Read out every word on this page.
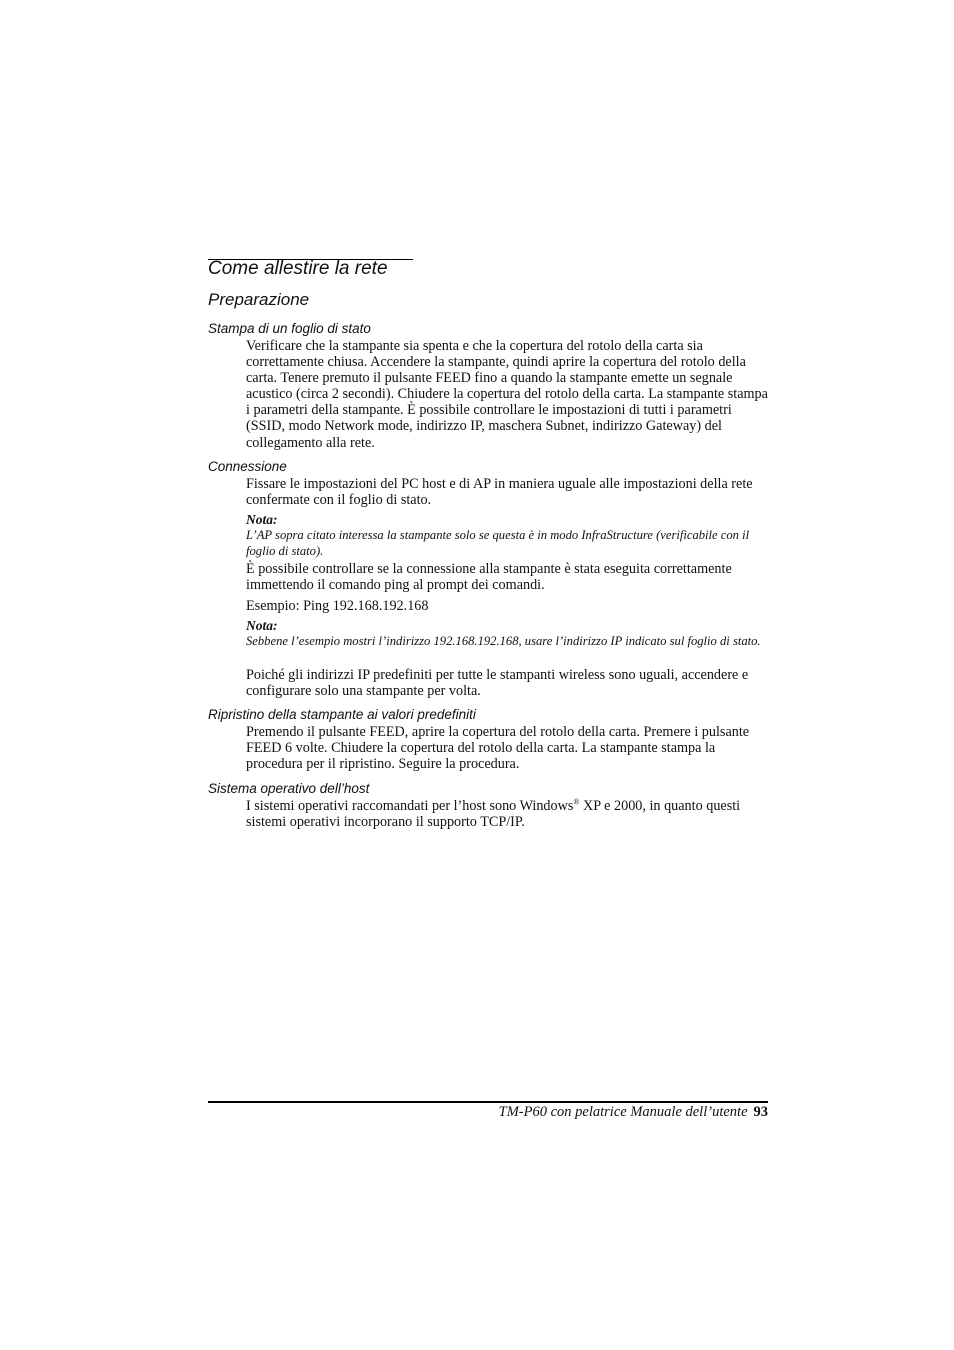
Come allestire la rete
Preparazione
Stampa di un foglio di stato

Verificare che la stampante sia spenta e che la copertura del rotolo della carta sia correttamente chiusa. Accendere la stampante, quindi aprire la copertura del rotolo della carta. Tenere premuto il pulsante FEED fino a quando la stampante emette un segnale acustico (circa 2 secondi). Chiudere la copertura del rotolo della carta. La stampante stampa i parametri della stampante. È possibile controllare le impostazioni di tutti i parametri (SSID, modo Network mode, indirizzo IP, maschera Subnet, indirizzo Gateway) del collegamento alla rete.

Connessione

Fissare le impostazioni del PC host e di AP in maniera uguale alle impostazioni della rete confermate con il foglio di stato.

Nota:

L’AP sopra citato interessa la stampante solo se questa è in modo InfraStructure (verificabile con il foglio di stato).

È possibile controllare se la connessione alla stampante è stata eseguita correttamente immettendo il comando ping al prompt dei comandi.

Esempio: Ping 192.168.192.168

Nota:

Sebbene l’esempio mostri l’indirizzo 192.168.192.168, usare l’indirizzo IP indicato sul foglio di stato.

Poiché gli indirizzi IP predefiniti per tutte le stampanti wireless sono uguali, accendere e configurare solo una stampante per volta.

Ripristino della stampante ai valori predefiniti

Premendo il pulsante FEED, aprire la copertura del rotolo della carta. Premere i pulsante FEED 6 volte. Chiudere la copertura del rotolo della carta. La stampante stampa la procedura per il ripristino. Seguire la procedura.

Sistema operativo dell’host

I sistemi operativi raccomandati per l’host sono Windows® XP e 2000, in quanto questi sistemi operativi incorporano il supporto TCP/IP.

TM-P60 con pelatrice Manuale dell’utente 93
